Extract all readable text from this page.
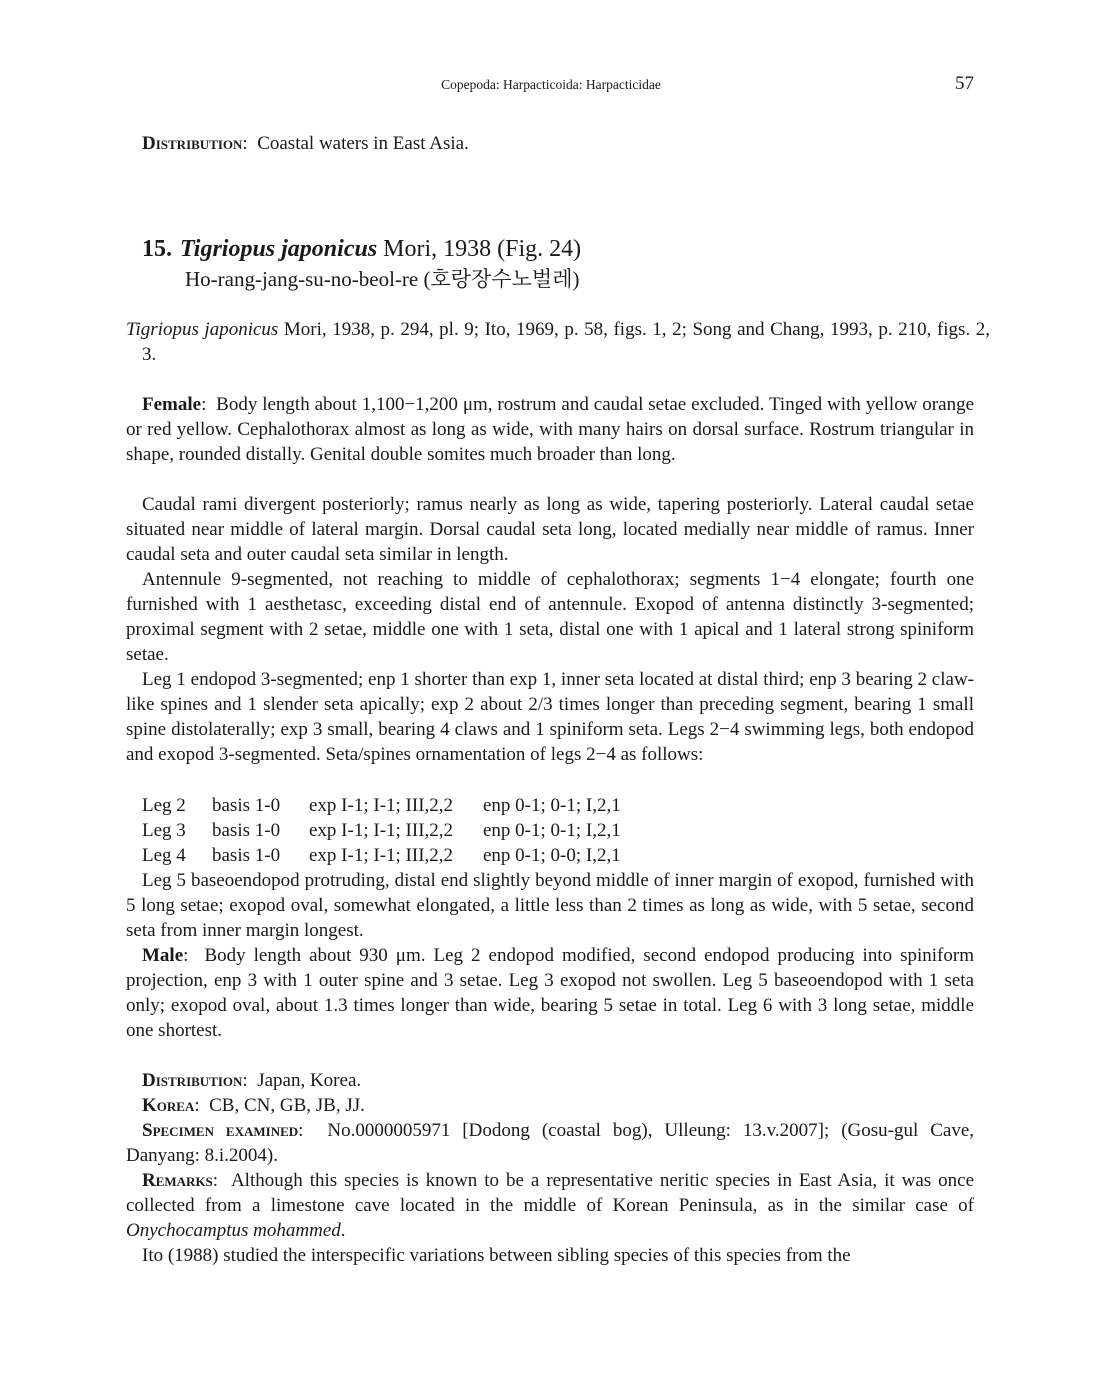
Copepoda: Harpacticoida: Harpacticidae	57
Distribution:  Coastal waters in East Asia.
15. Tigriopus japonicus Mori, 1938 (Fig. 24)
Ho-rang-jang-su-no-beol-re (호랑장수노벌레)
Tigriopus japonicus Mori, 1938, p. 294, pl. 9; Ito, 1969, p. 58, figs. 1, 2; Song and Chang, 1993, p. 210, figs. 2, 3.
Female:  Body length about 1,100−1,200 μm, rostrum and caudal setae excluded. Tinged with yellow orange or red yellow. Cephalothorax almost as long as wide, with many hairs on dorsal surface. Rostrum triangular in shape, rounded distally. Genital double somites much broader than long.
Caudal rami divergent posteriorly; ramus nearly as long as wide, tapering posteriorly. Lateral caudal setae situated near middle of lateral margin. Dorsal caudal seta long, located medially near middle of ramus. Inner caudal seta and outer caudal seta similar in length.
Antennule 9-segmented, not reaching to middle of cephalothorax; segments 1−4 elongate; fourth one furnished with 1 aesthetasc, exceeding distal end of antennule. Exopod of antenna distinctly 3-segmented; proximal segment with 2 setae, middle one with 1 seta, distal one with 1 apical and 1 lateral strong spiniform setae.
Leg 1 endopod 3-segmented; enp 1 shorter than exp 1, inner seta located at distal third; enp 3 bearing 2 claw-like spines and 1 slender seta apically; exp 2 about 2/3 times longer than preceding segment, bearing 1 small spine distolaterally; exp 3 small, bearing 4 claws and 1 spiniform seta. Legs 2−4 swimming legs, both endopod and exopod 3-segmented. Seta/spines ornamentation of legs 2−4 as follows:
Leg 2 basis 1-0 exp I-1; I-1; III,2,2 enp 0-1; 0-1; I,2,1
Leg 3 basis 1-0 exp I-1; I-1; III,2,2 enp 0-1; 0-1; I,2,1
Leg 4 basis 1-0 exp I-1; I-1; III,2,2 enp 0-1; 0-0; I,2,1
Leg 5 baseoendopod protruding, distal end slightly beyond middle of inner margin of exopod, furnished with 5 long setae; exopod oval, somewhat elongated, a little less than 2 times as long as wide, with 5 setae, second seta from inner margin longest.
Male:  Body length about 930 μm. Leg 2 endopod modified, second endopod producing into spiniform projection, enp 3 with 1 outer spine and 3 setae. Leg 3 exopod not swollen. Leg 5 baseoendopod with 1 seta only; exopod oval, about 1.3 times longer than wide, bearing 5 setae in total. Leg 6 with 3 long setae, middle one shortest.
Distribution:  Japan, Korea.
Korea:  CB, CN, GB, JB, JJ.
Specimen examined:  No.0000005971 [Dodong (coastal bog), Ulleung: 13.v.2007]; (Gosu-gul Cave, Danyang: 8.i.2004).
Remarks:  Although this species is known to be a representative neritic species in East Asia, it was once collected from a limestone cave located in the middle of Korean Peninsula, as in the similar case of Onychocamptus mohammed.
Ito (1988) studied the interspecific variations between sibling species of this species from the
